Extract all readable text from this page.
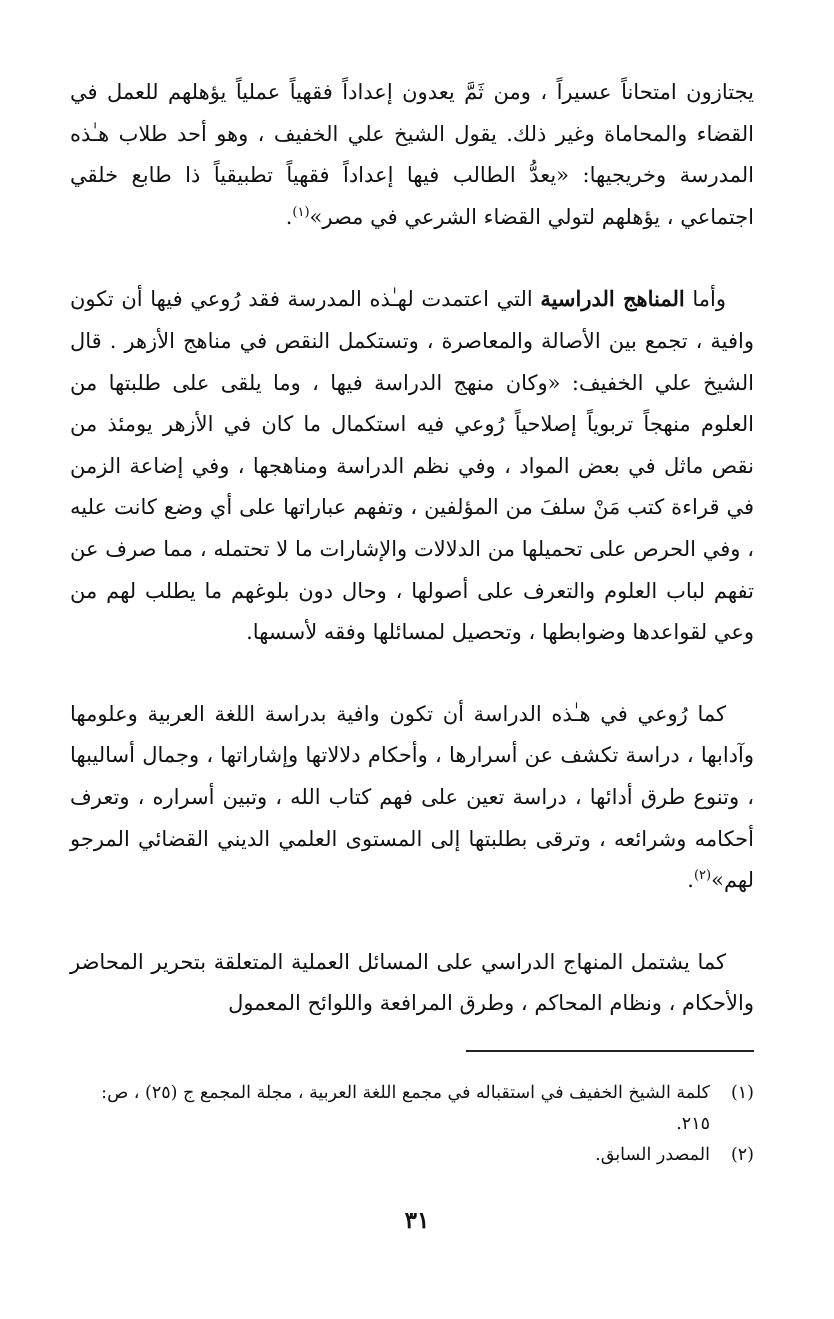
يجتازون امتحاناً عسيراً ، ومن ثَمَّ يعدون إعداداً فقهياً عملياً يؤهلهم للعمل في القضاء والمحاماة وغير ذلك. يقول الشيخ علي الخفيف ، وهو أحد طلاب هـٰذه المدرسة وخريجيها: «يعدُّ الطالب فيها إعداداً فقهياً تطبيقياً ذا طابع خلقي اجتماعي ، يؤهلهم لتولي القضاء الشرعي في مصر»$^{(١)}$.

وأما المناهج الدراسية التي اعتمدت لهـٰذه المدرسة فقد رُوعي فيها أن تكون وافية ، تجمع بين الأصالة والمعاصرة ، وتستكمل النقص في مناهج الأزهر . قال الشيخ علي الخفيف: «وكان منهج الدراسة فيها ، وما يلقى على طلبتها من العلوم منهجاً تربوياً إصلاحياً رُوعي فيه استكمال ما كان في الأزهر يومئذ من نقص ماثل في بعض المواد ، وفي نظم الدراسة ومناهجها ، وفي إضاعة الزمن في قراءة كتب مَنْ سلفَ من المؤلفين ، وتفهم عباراتها على أي وضع كانت عليه ، وفي الحرص على تحميلها من الدلالات والإشارات ما لا تحتمله ، مما صرف عن تفهم لباب العلوم والتعرف على أصولها ، وحال دون بلوغهم ما يطلب لهم من وعي لقواعدها وضوابطها ، وتحصيل لمسائلها وفقه لأسسها.

كما رُوعي في هـٰذه الدراسة أن تكون وافية بدراسة اللغة العربية وعلومها وآدابها ، دراسة تكشف عن أسرارها ، وأحكام دلالاتها وإشاراتها ، وجمال أساليبها ، وتنوع طرق أدائها ، دراسة تعين على فهم كتاب الله ، وتبين أسراره ، وتعرف أحكامه وشرائعه ، وترقى بطلبتها إلى المستوى العلمي الديني القضائي المرجو لهم»$^{(٢)}$.

كما يشتمل المنهاج الدراسي على المسائل العملية المتعلقة بتحرير المحاضر والأحكام ، ونظام المحاكم ، وطرق المرافعة واللوائح المعمول

(١)
كلمة الشيخ الخفيف في استقباله في مجمع اللغة العربية ، مجلة المجمع ج (٢٥) ، ص: ٢١٥.
(٢)
المصدر السابق.
٣١
